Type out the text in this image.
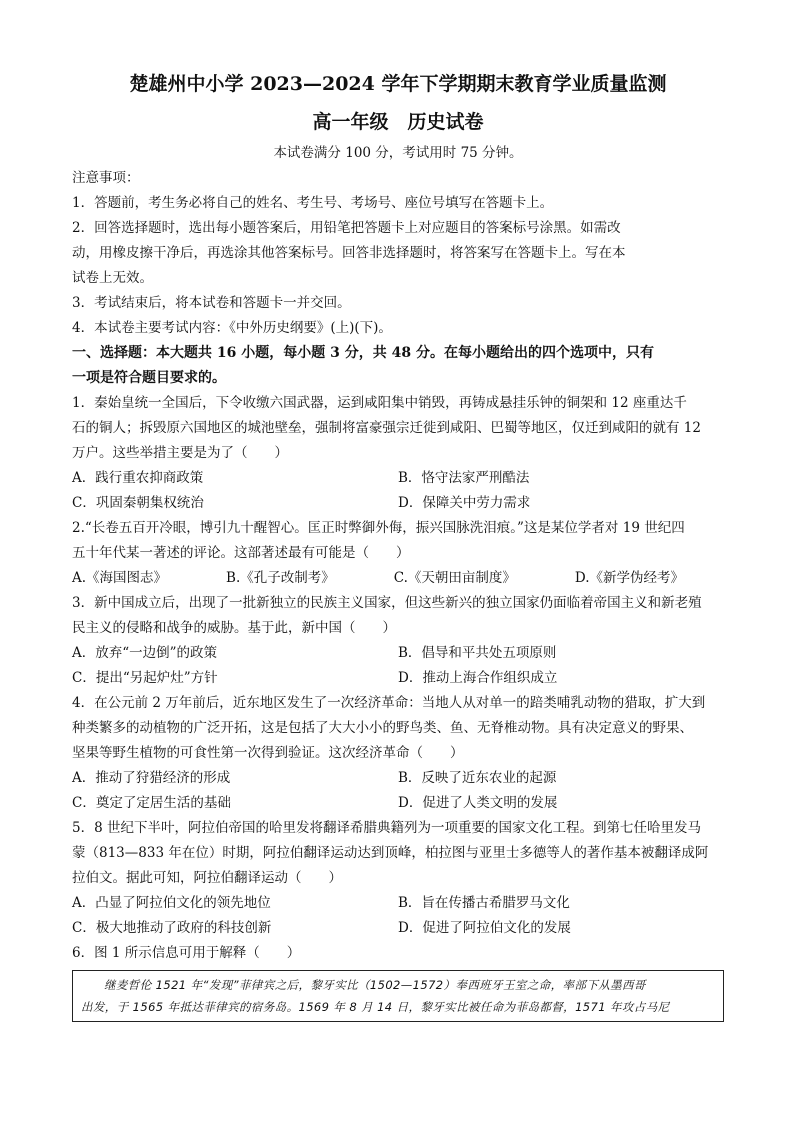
楚雄州中小学 2023—2024 学年下学期期末教育学业质量监测
高一年级　历史试卷
本试卷满分 100 分，考试用时 75 分钟。

注意事项：

1．答题前，考生务必将自己的姓名、考生号、考场号、座位号填写在答题卡上。

2．回答选择题时，选出每小题答案后，用铅笔把答题卡上对应题目的答案标号涂黑。如需改

动，用橡皮擦干净后，再选涂其他答案标号。回答非选择题时，将答案写在答题卡上。写在本

试卷上无效。

3．考试结束后，将本试卷和答题卡一并交回。

4．本试卷主要考试内容：《中外历史纲要》(上)(下)。

一、选择题：本大题共 16 小题，每小题 3 分，共 48 分。在每小题给出的四个选项中，只有

一项是符合题目要求的。

1．秦始皇统一全国后，下令收缴六国武器，运到咸阳集中销毁，再铸成悬挂乐钟的铜架和 12 座重达千

石的铜人；拆毁原六国地区的城池壁垒，强制将富豪强宗迁徙到咸阳、巴蜀等地区，仅迁到咸阳的就有 12

万户。这些举措主要是为了（　　）

A．践行重农抑商政策	B．恪守法家严刑酷法
C．巩固秦朝集权统治	D．保障关中劳力需求

2.“长卷五百开冷眼，博引九十醒智心。匡正时弊御外侮，振兴国脉洗泪痕。”这是某位学者对 19 世纪四

五十年代某一著述的评论。这部著述最有可能是（　　）

A.《海国图志》	B.《孔子改制考》	C.《天朝田亩制度》	D.《新学伪经考》

3．新中国成立后，出现了一批新独立的民族主义国家，但这些新兴的独立国家仍面临着帝国主义和新老殖

民主义的侵略和战争的威胁。基于此，新中国（　　）

A．放弃“一边倒”的政策	B．倡导和平共处五项原则
C．提出“另起炉灶”方针	D．推动上海合作组织成立

4．在公元前 2 万年前后，近东地区发生了一次经济革命：当地人从对单一的踣类哺乳动物的猎取，扩大到

种类繁多的动植物的广泛开拓，这是包括了大大小小的野鸟类、鱼、无脊椎动物。具有决定意义的野果、

坚果等野生植物的可食性第一次得到验证。这次经济革命（　　）

A．推动了狩猎经济的形成	B．反映了近东农业的起源
C．奠定了定居生活的基础	D．促进了人类文明的发展

5．8 世纪下半叶，阿拉伯帝国的哈里发将翻译希腊典籍列为一项重要的国家文化工程。到第七任哈里发马

蒙（813—833 年在位）时期，阿拉伯翻译运动达到顶峰，柏拉图与亚里士多德等人的著作基本被翻译成阿

拉伯文。据此可知，阿拉伯翻译运动（　　）

A．凸显了阿拉伯文化的领先地位	B．旨在传播古希腊罗马文化
C．极大地推动了政府的科技创新	D．促进了阿拉伯文化的发展

6．图 1 所示信息可用于解释（　　）

继麦哲伦 1521 年“发现”菲律宾之后，黎牙实比（1502—1572）奉西班牙王室之命，率部下从墨西哥
出发，于 1565 年抵达菲律宾的宿务岛。1569 年 8 月 14 日，黎牙实比被任命为菲岛都督，1571 年攻占马尼
